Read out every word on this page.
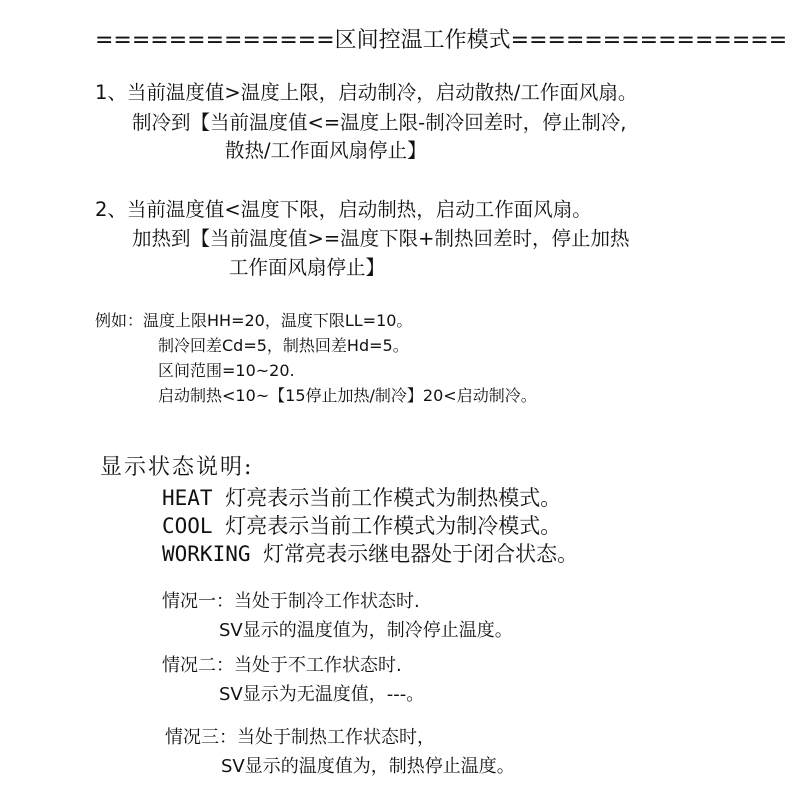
=============区间控温工作模式===============
1、当前温度值>温度上限，启动制冷，启动散热/工作面风扇。
制冷到【当前温度值<=温度上限-制冷回差时，停止制冷,
散热/工作面风扇停止】
2、当前温度值<温度下限，启动制热，启动工作面风扇。
加热到【当前温度值>=温度下限+制热回差时，停止加热
工作面风扇停止】
例如：温度上限HH=20，温度下限LL=10。
制冷回差Cd=5，制热回差Hd=5。
区间范围=10~20.
启动制热<10~【15停止加热/制冷】20<启动制冷。
显示状态说明:
HEAT 灯亮表示当前工作模式为制热模式。
COOL 灯亮表示当前工作模式为制冷模式。
WORKING 灯常亮表示继电器处于闭合状态。
情况一：当处于制冷工作状态时.
SV显示的温度值为，制冷停止温度。
情况二：当处于不工作状态时.
SV显示为无温度值，---。
情况三：当处于制热工作状态时，
SV显示的温度值为，制热停止温度。
